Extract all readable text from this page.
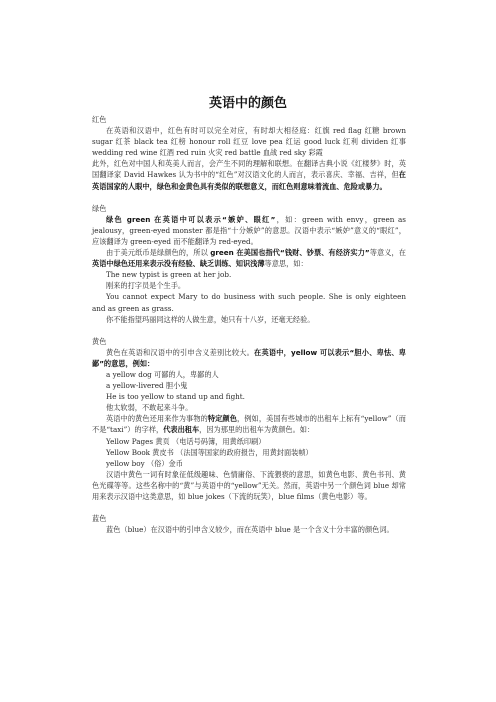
英语中的颜色

红色

在英语和汉语中，红色有时可以完全对应，有时却大相径庭：红旗 red flag 红糖 brown sugar 红茶 black tea 红榜 honour roll 红豆 love pea 红运 good luck 红利 dividen 红事 wedding red wine 红酒 red ruin 火灾 red battle 血战 red sky 彩霞

此外，红色对中国人和英美人而言，会产生不同的理解和联想。在翻译古典小说《红楼梦》时，英国翻译家 David Hawkes 认为书中的“红色”对汉语文化的人而言，表示喜庆、幸福、吉祥，但在英语国家的人眼中，绿色和金黄色具有类似的联想意义，而红色则意味着流血、危险或暴力。

绿色

绿色 green 在英语中可以表示“嫉妒、眼红”，如：green with envy，green as jealousy，green-eyed monster 都是指“十分嫉妒”的意思。汉语中表示“嫉妒”意义的“眼红”，应该翻译为 green-eyed 而不能翻译为 red-eyed。

由于美元纸币是绿颜色的，所以 green 在美国也指代“钱财、钞票、有经济实力”等意义，在英语中绿色还用来表示没有经验、缺乏训练、知识浅薄等意思，如：

The new typist is green at her job.

刚来的打字员是个生手。

You cannot expect Mary to do business with such people. She is only eighteen and as green as grass.

你不能指望玛丽同这样的人做生意，她只有十八岁，还毫无经验。

黄色

黄色在英语和汉语中的引申含义差别比较大。在英语中，yellow 可以表示“胆小、卑怯、卑鄙”的意思，例如：

a yellow dog 可鄙的人，卑鄙的人

a yellow-livered 胆小鬼

He is too yellow to stand up and fight.

他太软弱，不敢起来斗争。

英语中的黄色还用来作为事物的特定颜色，例如，美国有些城市的出租车上标有“yellow”（而不是“taxi”）的字样，代表出租车，因为那里的出租车为黄颜色。如：

Yellow Pages 黄页 （电话号码簿，用黄纸印刷）

Yellow Book 黄皮书 （法国等国家的政府报告，用黄封面装帧）

yellow boy （俗）金币

汉语中黄色一词有时象征低级趣味、色情庸俗、下流猥亵的意思，如黄色电影、黄色书刊、黄色光碟等等。这些名称中的“黄”与英语中的“yellow”无关。然而，英语中另一个颜色词 blue 却常用来表示汉语中这类意思，如 blue jokes（下流的玩笑），blue films（黄色电影）等。

蓝色

蓝色（blue）在汉语中的引申含义较少，而在英语中 blue 是一个含义十分丰富的颜色词。
